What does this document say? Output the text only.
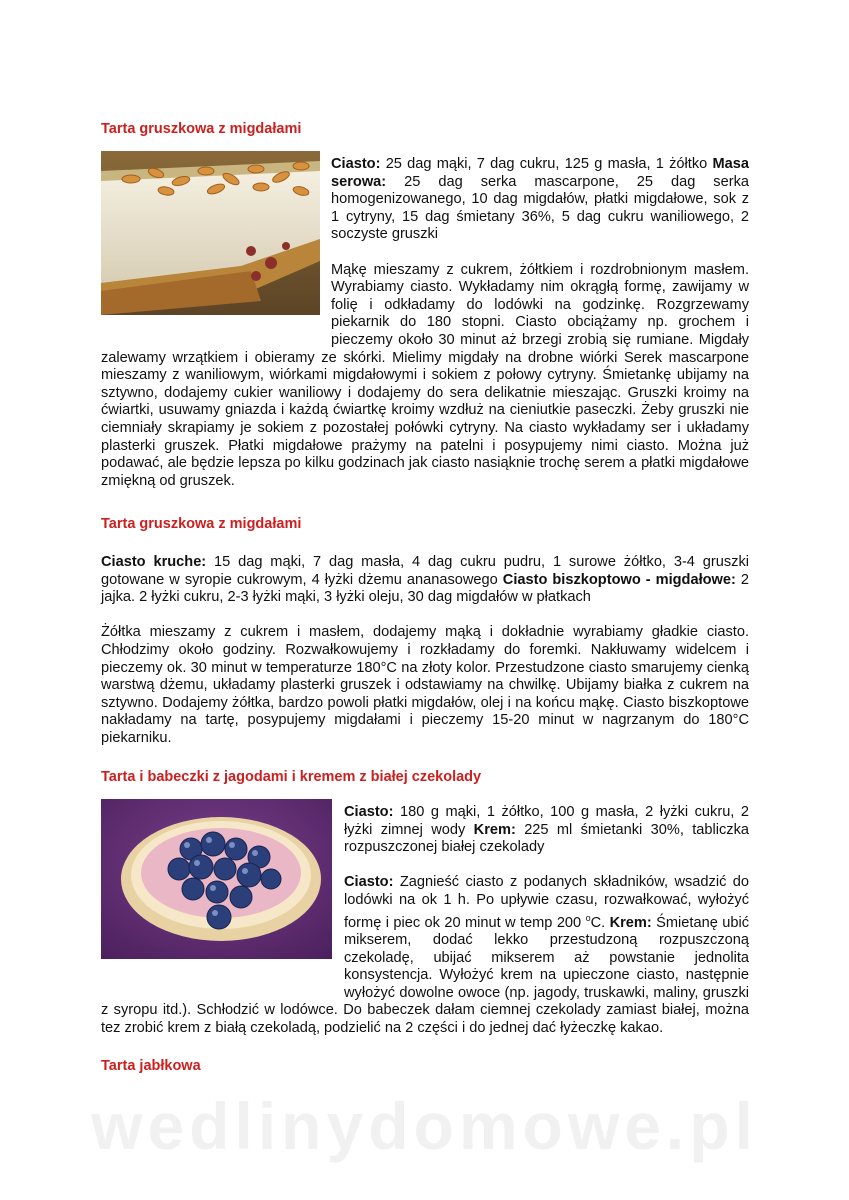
Tarta gruszkowa z migdałami

Ciasto: 25 dag mąki, 7 dag cukru, 125 g masła, 1 żółtko Masa serowa: 25 dag serka mascarpone, 25 dag serka homogenizowanego, 10 dag migdałów, płatki migdałowe, sok z 1 cytryny, 15 dag śmietany 36%, 5 dag cukru waniliowego, 2 soczyste gruszki

Mąkę mieszamy z cukrem, żółtkiem i rozdrobnionym masłem. Wyrabiamy ciasto. Wykładamy nim okrągłą formę, zawijamy w folię i odkładamy do lodówki na godzinkę. Rozgrzewamy piekarnik do 180 stopni. Ciasto obciążamy np. grochem i pieczemy około 30 minut aż brzegi zrobią się rumiane. Migdały zalewamy wrzątkiem i obieramy ze skórki. Mielimy migdały na drobne wiórki Serek mascarpone mieszamy z waniliowym, wiórkami migdałowymi i sokiem z połowy cytryny. Śmietankę ubijamy na sztywno, dodajemy cukier waniliowy i dodajemy do sera delikatnie mieszając. Gruszki kroimy na ćwiartki, usuwamy gniazda i każdą ćwiartkę kroimy wzdłuż na cieniutkie paseczki. Żeby gruszki nie ciemniały skrapiamy je sokiem z pozostałej połówki cytryny. Na ciasto wykładamy ser i układamy plasterki gruszek. Płatki migdałowe prażymy na patelni i posypujemy nimi ciasto. Można już podawać, ale będzie lepsza po kilku godzinach jak ciasto nasiąknie trochę serem a płatki migdałowe zmiękną od gruszek.

Tarta gruszkowa z migdałami

Ciasto kruche: 15 dag mąki, 7 dag masła, 4 dag cukru pudru, 1 surowe żółtko, 3-4 gruszki gotowane w syropie cukrowym, 4 łyżki dżemu ananasowego Ciasto biszkoptowo - migdałowe: 2 jajka. 2 łyżki cukru, 2-3 łyżki mąki, 3 łyżki oleju, 30 dag migdałów w płatkach

Żółtka mieszamy z cukrem i masłem, dodajemy mąką i dokładnie wyrabiamy gładkie ciasto. Chłodzimy około godziny. Rozwałkowujemy i rozkładamy do foremki. Nakłuwamy widelcem i pieczemy ok. 30 minut w temperaturze 180°C na złoty kolor. Przestudzone ciasto smarujemy cienką warstwą dżemu, układamy plasterki gruszek i odstawiamy na chwilkę. Ubijamy białka z cukrem na sztywno. Dodajemy żółtka, bardzo powoli płatki migdałów, olej i na końcu mąkę. Ciasto biszkoptowe nakładamy na tartę, posypujemy migdałami i pieczemy 15-20 minut w nagrzanym do 180°C piekarniku.

Tarta i babeczki z jagodami i kremem z białej czekolady

Ciasto: 180 g mąki, 1 żółtko, 100 g masła, 2 łyżki cukru, 2 łyżki zimnej wody Krem: 225 ml śmietanki 30%, tabliczka rozpuszczonej białej czekolady

Ciasto: Zagnieść ciasto z podanych składników, wsadzić do lodówki na ok 1 h. Po upływie czasu, rozwałkować, wyłożyć formę i piec ok 20 minut w temp 200 $^o$C. Krem: Śmietanę ubić mikserem, dodać lekko przestudzoną rozpuszczoną czekoladę, ubijać mikserem aż powstanie jednolita konsystencja. Wyłożyć krem na upieczone ciasto, następnie wyłożyć dowolne owoce (np. jagody, truskawki, maliny, gruszki z syropu itd.). Schłodzić w lodówce. Do babeczek dałam ciemnej czekolady zamiast białej, można tez zrobić krem z białą czekoladą, podzielić na 2 części i do jednej dać łyżeczkę kakao.

Tarta jabłkowa
wedlinydomowe.pl
